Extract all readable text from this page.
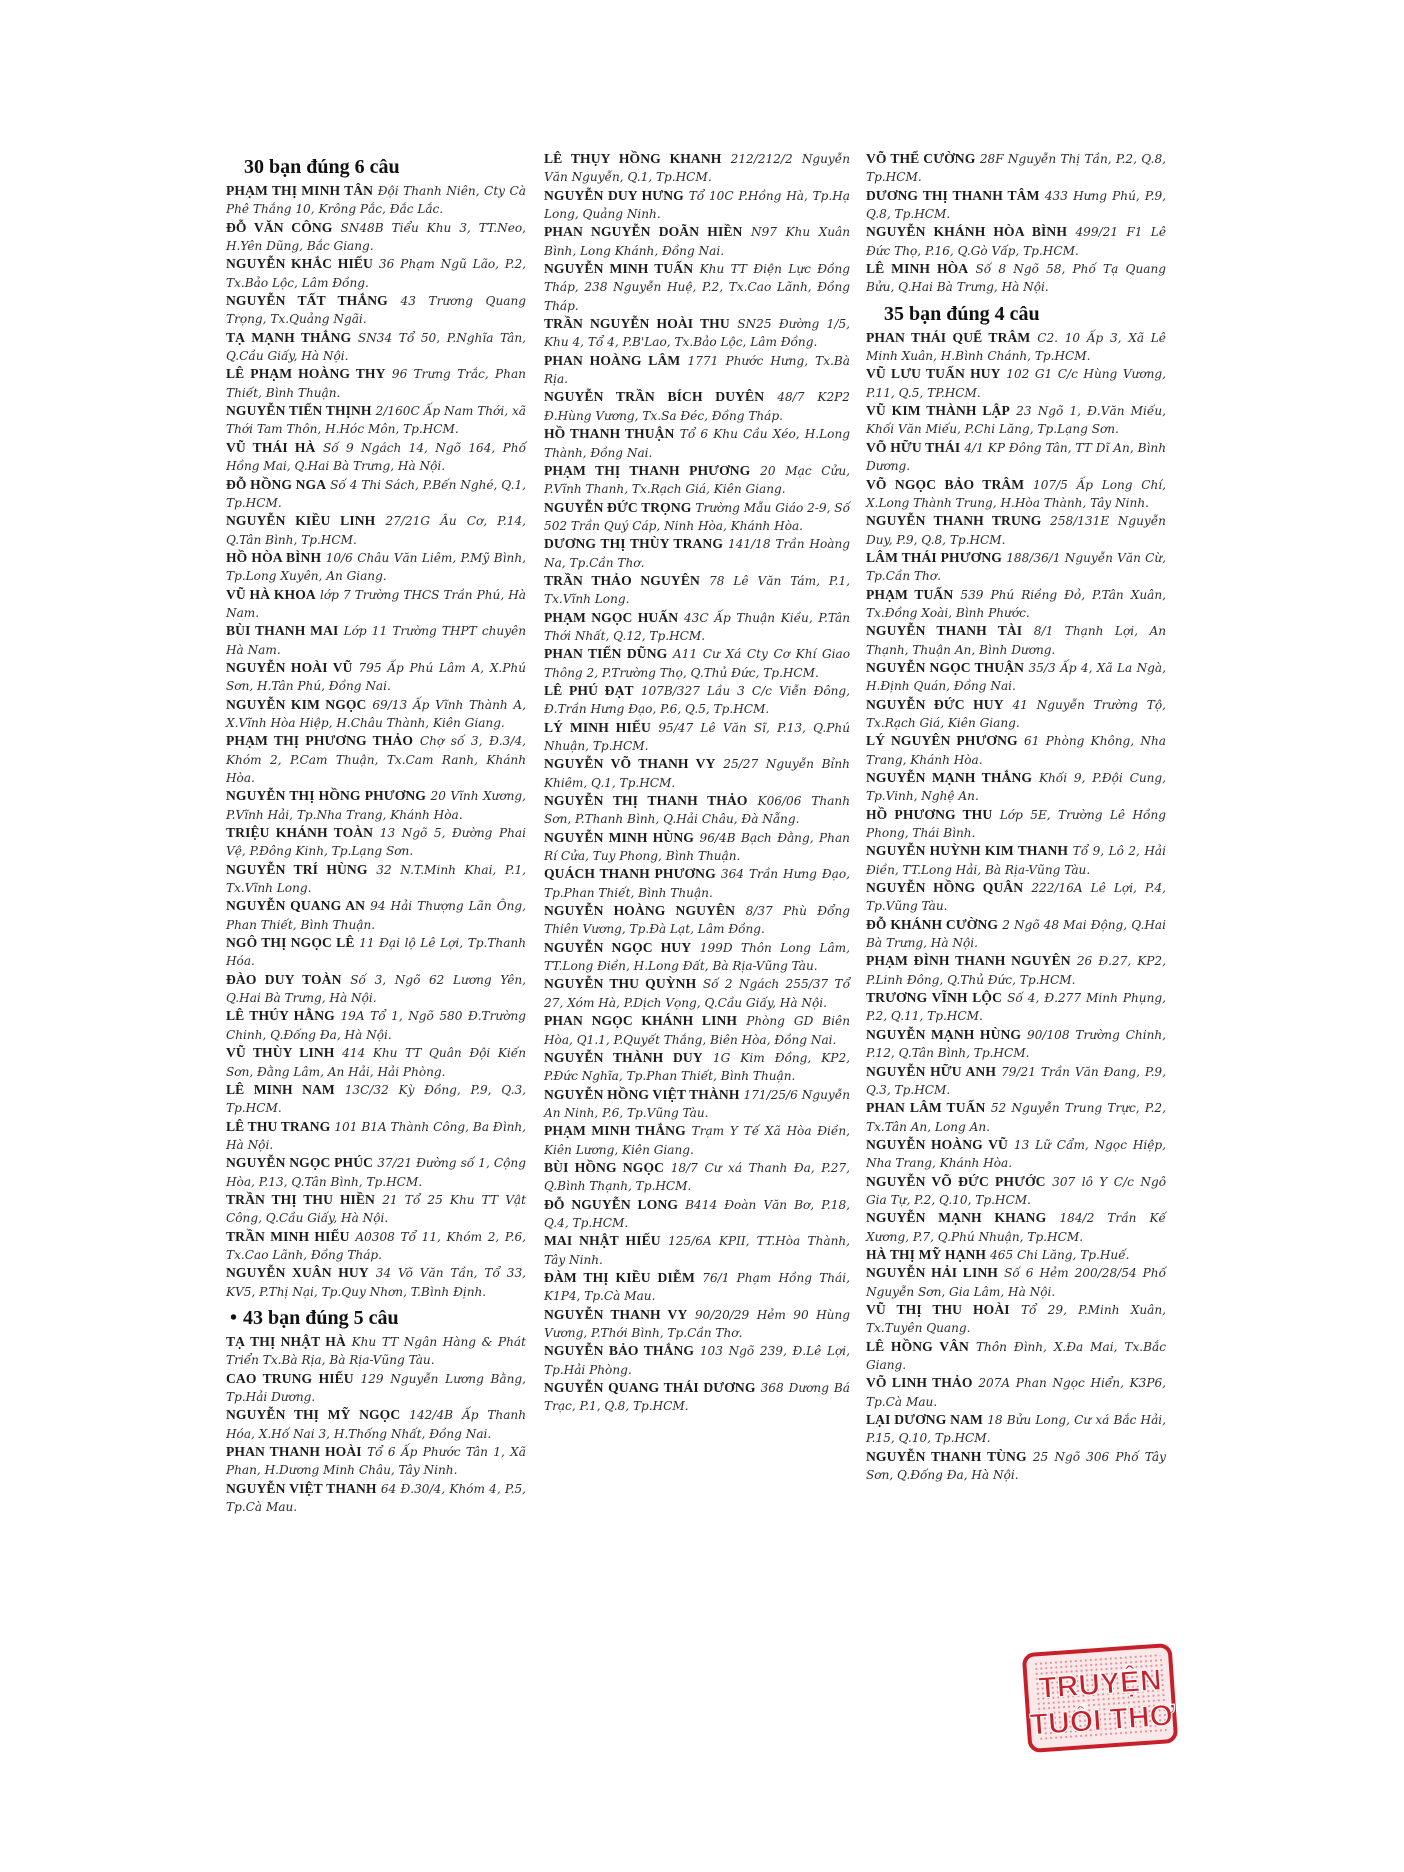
30 bạn đúng 6 câu

PHẠM THỊ MINH TÂN Đội Thanh Niên, Cty Cà Phê Thắng 10, Krông Pắc, Đắc Lắc.

ĐỖ VĂN CÔNG SN48B Tiểu Khu 3, TT.Neo, H.Yên Dũng, Bắc Giang.

NGUYỄN KHẮC HIẾU 36 Phạm Ngũ Lão, P.2, Tx.Bảo Lộc, Lâm Đồng.

NGUYỄN TẤT THẮNG 43 Trương Quang Trọng, Tx.Quảng Ngãi.

TẠ MẠNH THẮNG SN34 Tổ 50, P.Nghĩa Tân, Q.Cầu Giấy, Hà Nội.

LÊ PHẠM HOÀNG THY 96 Trưng Trắc, Phan Thiết, Bình Thuận.

NGUYỄN TIẾN THỊNH 2/160C Ấp Nam Thới, xã Thới Tam Thôn, H.Hóc Môn, Tp.HCM.

VŨ THÁI HÀ Số 9 Ngách 14, Ngõ 164, Phố Hồng Mai, Q.Hai Bà Trưng, Hà Nội.

ĐỖ HỒNG NGA Số 4 Thi Sách, P.Bến Nghé, Q.1, Tp.HCM.

NGUYỄN KIỀU LINH 27/21G Âu Cơ, P.14, Q.Tân Bình, Tp.HCM.

HỒ HÒA BÌNH 10/6 Châu Văn Liêm, P.Mỹ Bình, Tp.Long Xuyên, An Giang.

VŨ HÀ KHOA lớp 7 Trường THCS Trần Phú, Hà Nam.

BÙI THANH MAI Lớp 11 Trường THPT chuyên Hà Nam.

NGUYỄN HOÀI VŨ 795 Ấp Phú Lâm A, X.Phú Sơn, H.Tân Phú, Đồng Nai.

NGUYỄN KIM NGỌC 69/13 Ấp Vĩnh Thành A, X.Vĩnh Hòa Hiệp, H.Châu Thành, Kiên Giang.

PHẠM THỊ PHƯƠNG THẢO Chợ số 3, Đ.3/4, Khóm 2, P.Cam Thuận, Tx.Cam Ranh, Khánh Hòa.

NGUYỄN THỊ HỒNG PHƯƠNG 20 Vĩnh Xương, P.Vĩnh Hải, Tp.Nha Trang, Khánh Hòa.

TRIỆU KHÁNH TOÀN 13 Ngõ 5, Đường Phai Vệ, P.Đông Kinh, Tp.Lạng Sơn.

NGUYỄN TRÍ HÙNG 32 N.T.Minh Khai, P.1, Tx.Vĩnh Long.

NGUYỄN QUANG AN 94 Hải Thượng Lãn Ông, Phan Thiết, Bình Thuận.

NGÔ THỊ NGỌC LÊ 11 Đại lộ Lê Lợi, Tp.Thanh Hóa.

ĐÀO DUY TOÀN Số 3, Ngõ 62 Lương Yên, Q.Hai Bà Trưng, Hà Nội.

LÊ THÚY HẰNG 19A Tổ 1, Ngõ 580 Đ.Trường Chinh, Q.Đống Đa, Hà Nội.

VŨ THÙY LINH 414 Khu TT Quân Đội Kiến Sơn, Đằng Lâm, An Hải, Hải Phòng.

LÊ MINH NAM 13C/32 Kỳ Đồng, P.9, Q.3, Tp.HCM.

LÊ THU TRANG 101 B1A Thành Công, Ba Đình, Hà Nội.

NGUYỄN NGỌC PHÚC 37/21 Đường số 1, Cộng Hòa, P.13, Q.Tân Bình, Tp.HCM.

TRẦN THỊ THU HIỀN 21 Tổ 25 Khu TT Vật Công, Q.Cầu Giấy, Hà Nội.

TRẦN MINH HIẾU A0308 Tổ 11, Khóm 2, P.6, Tx.Cao Lãnh, Đồng Tháp.

NGUYỄN XUÂN HUY 34 Võ Văn Tần, Tổ 33, KV5, P.Thị Nại, Tp.Quy Nhơn, T.Bình Định.

• 43 bạn đúng 5 câu

TẠ THỊ NHẬT HÀ Khu TT Ngân Hàng & Phát Triển Tx.Bà Rịa, Bà Rịa-Vũng Tàu.

CAO TRUNG HIẾU 129 Nguyễn Lương Bằng, Tp.Hải Dương.

NGUYỄN THỊ MỸ NGỌC 142/4B Ấp Thanh Hóa, X.Hố Nai 3, H.Thống Nhất, Đồng Nai.

PHAN THANH HOÀI Tổ 6 Ấp Phước Tân 1, Xã Phan, H.Dương Minh Châu, Tây Ninh.

NGUYỄN VIỆT THANH 64 Đ.30/4, Khóm 4, P.5, Tp.Cà Mau.

LÊ THỤY HỒNG KHANH 212/212/2 Nguyễn Văn Nguyễn, Q.1, Tp.HCM.

NGUYỄN DUY HƯNG Tổ 10C P.Hồng Hà, Tp.Hạ Long, Quảng Ninh.

PHAN NGUYỄN DOÃN HIỀN N97 Khu Xuân Bình, Long Khánh, Đồng Nai.

NGUYỄN MINH TUẤN Khu TT Điện Lực Đồng Tháp, 238 Nguyễn Huệ, P.2, Tx.Cao Lãnh, Đồng Tháp.

TRẦN NGUYỄN HOÀI THU SN25 Đường 1/5, Khu 4, Tổ 4, P.B'Lao, Tx.Bảo Lộc, Lâm Đồng.

PHAN HOÀNG LÂM 1771 Phước Hưng, Tx.Bà Rịa.

NGUYỄN TRẦN BÍCH DUYÊN 48/7 K2P2 Đ.Hùng Vương, Tx.Sa Đéc, Đồng Tháp.

HỒ THANH THUẬN Tổ 6 Khu Cầu Xéo, H.Long Thành, Đồng Nai.

PHẠM THỊ THANH PHƯƠNG 20 Mạc Cửu, P.Vĩnh Thanh, Tx.Rạch Giá, Kiên Giang.

NGUYỄN ĐỨC TRỌNG Trường Mẫu Giáo 2-9, Số 502 Trần Quý Cáp, Ninh Hòa, Khánh Hòa.

DƯƠNG THỊ THÙY TRANG 141/18 Trần Hoàng Na, Tp.Cần Thơ.

TRẦN THẢO NGUYÊN 78 Lê Văn Tám, P.1, Tx.Vĩnh Long.

PHẠM NGỌC HUẤN 43C Ấp Thuận Kiều, P.Tân Thới Nhất, Q.12, Tp.HCM.

PHAN TIẾN DŨNG A11 Cư Xá Cty Cơ Khí Giao Thông 2, P.Trường Thọ, Q.Thủ Đức, Tp.HCM.

LÊ PHÚ ĐẠT 107B/327 Lầu 3 C/c Viễn Đông, Đ.Trần Hưng Đạo, P.6, Q.5, Tp.HCM.

LÝ MINH HIẾU 95/47 Lê Văn Sĩ, P.13, Q.Phú Nhuận, Tp.HCM.

NGUYỄN VÕ THANH VY 25/27 Nguyễn Bỉnh Khiêm, Q.1, Tp.HCM.

NGUYỄN THỊ THANH THẢO K06/06 Thanh Sơn, P.Thanh Bình, Q.Hải Châu, Đà Nẵng.

NGUYỄN MINH HÙNG 96/4B Bạch Đằng, Phan Rí Cửa, Tuy Phong, Bình Thuận.

QUÁCH THANH PHƯƠNG 364 Trần Hưng Đạo, Tp.Phan Thiết, Bình Thuận.

NGUYỄN HOÀNG NGUYÊN 8/37 Phù Đổng Thiên Vương, Tp.Đà Lạt, Lâm Đồng.

NGUYỄN NGỌC HUY 199D Thôn Long Lâm, TT.Long Điền, H.Long Đất, Bà Rịa-Vũng Tàu.

NGUYỄN THU QUỲNH Số 2 Ngách 255/37 Tổ 27, Xóm Hà, P.Dịch Vọng, Q.Cầu Giấy, Hà Nội.

PHAN NGỌC KHÁNH LINH Phòng GD Biên Hòa, Q1.1, P.Quyết Thắng, Biên Hòa, Đồng Nai.

NGUYỄN THÀNH DUY 1G Kim Đồng, KP2, P.Đức Nghĩa, Tp.Phan Thiết, Bình Thuận.

NGUYỄN HỒNG VIỆT THÀNH 171/25/6 Nguyễn An Ninh, P.6, Tp.Vũng Tàu.

PHẠM MINH THẮNG Trạm Y Tế Xã Hòa Điền, Kiên Lương, Kiên Giang.

BÙI HỒNG NGỌC 18/7 Cư xá Thanh Đa, P.27, Q.Bình Thạnh, Tp.HCM.

ĐỖ NGUYỄN LONG B414 Đoàn Văn Bơ, P.18, Q.4, Tp.HCM.

MAI NHẬT HIẾU 125/6A KPII, TT.Hòa Thành, Tây Ninh.

ĐÀM THỊ KIỀU DIỄM 76/1 Phạm Hồng Thái, K1P4, Tp.Cà Mau.

NGUYỄN THANH VY 90/20/29 Hẻm 90 Hùng Vương, P.Thới Bình, Tp.Cần Thơ.

NGUYỄN BẢO THẮNG 103 Ngõ 239, Đ.Lê Lợi, Tp.Hải Phòng.

NGUYỄN QUANG THÁI DƯƠNG 368 Dương Bá Trạc, P.1, Q.8, Tp.HCM.

VÕ THẾ CƯỜNG 28F Nguyễn Thị Tần, P.2, Q.8, Tp.HCM.

DƯƠNG THỊ THANH TÂM 433 Hưng Phú, P.9, Q.8, Tp.HCM.

NGUYỄN KHÁNH HÒA BÌNH 499/21 F1 Lê Đức Thọ, P.16, Q.Gò Vấp, Tp.HCM.

LÊ MINH HÒA Số 8 Ngõ 58, Phố Tạ Quang Bửu, Q.Hai Bà Trưng, Hà Nội.

35 bạn đúng 4 câu

PHAN THÁI QUẾ TRÂM C2. 10 Ấp 3, Xã Lê Minh Xuân, H.Bình Chánh, Tp.HCM.

VŨ LƯU TUẤN HUY 102 G1 C/c Hùng Vương, P.11, Q.5, TP.HCM.

VŨ KIM THÀNH LẬP 23 Ngõ 1, Đ.Văn Miếu, Khối Văn Miếu, P.Chi Lăng, Tp.Lạng Sơn.

VÕ HỮU THÁI 4/1 KP Đông Tân, TT Dĩ An, Bình Dương.

VÕ NGỌC BẢO TRÂM 107/5 Ấp Long Chí, X.Long Thành Trung, H.Hòa Thành, Tây Ninh.

NGUYỄN THANH TRUNG 258/131E Nguyễn Duy, P.9, Q.8, Tp.HCM.

LÂM THÁI PHƯƠNG 188/36/1 Nguyễn Văn Cừ, Tp.Cần Thơ.

PHẠM TUẤN 539 Phú Riềng Đỏ, P.Tân Xuân, Tx.Đồng Xoài, Bình Phước.

NGUYỄN THANH TÀI 8/1 Thạnh Lợi, An Thạnh, Thuận An, Bình Dương.

NGUYỄN NGỌC THUẬN 35/3 Ấp 4, Xã La Ngà, H.Định Quán, Đồng Nai.

NGUYỄN ĐỨC HUY 41 Nguyễn Trường Tộ, Tx.Rạch Giá, Kiên Giang.

LÝ NGUYÊN PHƯƠNG 61 Phòng Không, Nha Trang, Khánh Hòa.

NGUYỄN MẠNH THẮNG Khối 9, P.Đội Cung, Tp.Vinh, Nghệ An.

HỒ PHƯƠNG THU Lớp 5E, Trường Lê Hồng Phong, Thái Bình.

NGUYỄN HUỲNH KIM THANH Tổ 9, Lô 2, Hải Điền, TT.Long Hải, Bà Rịa-Vũng Tàu.

NGUYỄN HỒNG QUÂN 222/16A Lê Lợi, P.4, Tp.Vũng Tàu.

ĐỖ KHÁNH CƯỜNG 2 Ngõ 48 Mai Động, Q.Hai Bà Trưng, Hà Nội.

PHẠM ĐÌNH THANH NGUYÊN 26 Đ.27, KP2, P.Linh Đông, Q.Thủ Đức, Tp.HCM.

TRƯƠNG VĨNH LỘC Số 4, Đ.277 Minh Phụng, P.2, Q.11, Tp.HCM.

NGUYỄN MẠNH HÙNG 90/108 Trường Chinh, P.12, Q.Tân Bình, Tp.HCM.

NGUYỄN HỮU ANH 79/21 Trần Văn Đang, P.9, Q.3, Tp.HCM.

PHAN LÂM TUẤN 52 Nguyễn Trung Trực, P.2, Tx.Tân An, Long An.

NGUYỄN HOÀNG VŨ 13 Lữ Cẩm, Ngọc Hiệp, Nha Trang, Khánh Hòa.

NGUYỄN VÕ ĐỨC PHƯỚC 307 lô Y C/c Ngô Gia Tự, P.2, Q.10, Tp.HCM.

NGUYỄN MẠNH KHANG 184/2 Trần Kế Xương, P.7, Q.Phú Nhuận, Tp.HCM.

HÀ THỊ MỸ HẠNH 465 Chi Lăng, Tp.Huế.

NGUYỄN HẢI LINH Số 6 Hẻm 200/28/54 Phố Nguyễn Sơn, Gia Lâm, Hà Nội.

VŨ THỊ THU HOÀI Tổ 29, P.Minh Xuân, Tx.Tuyên Quang.

LÊ HỒNG VÂN Thôn Đình, X.Đa Mai, Tx.Bắc Giang.

VÕ LINH THẢO 207A Phan Ngọc Hiển, K3P6, Tp.Cà Mau.

LẠI DƯƠNG NAM 18 Bửu Long, Cư xá Bắc Hải, P.15, Q.10, Tp.HCM.

NGUYỄN THANH TÙNG 25 Ngõ 306 Phố Tây Sơn, Q.Đống Đa, Hà Nội.

TRUYỆN
TUỔI THƠ
